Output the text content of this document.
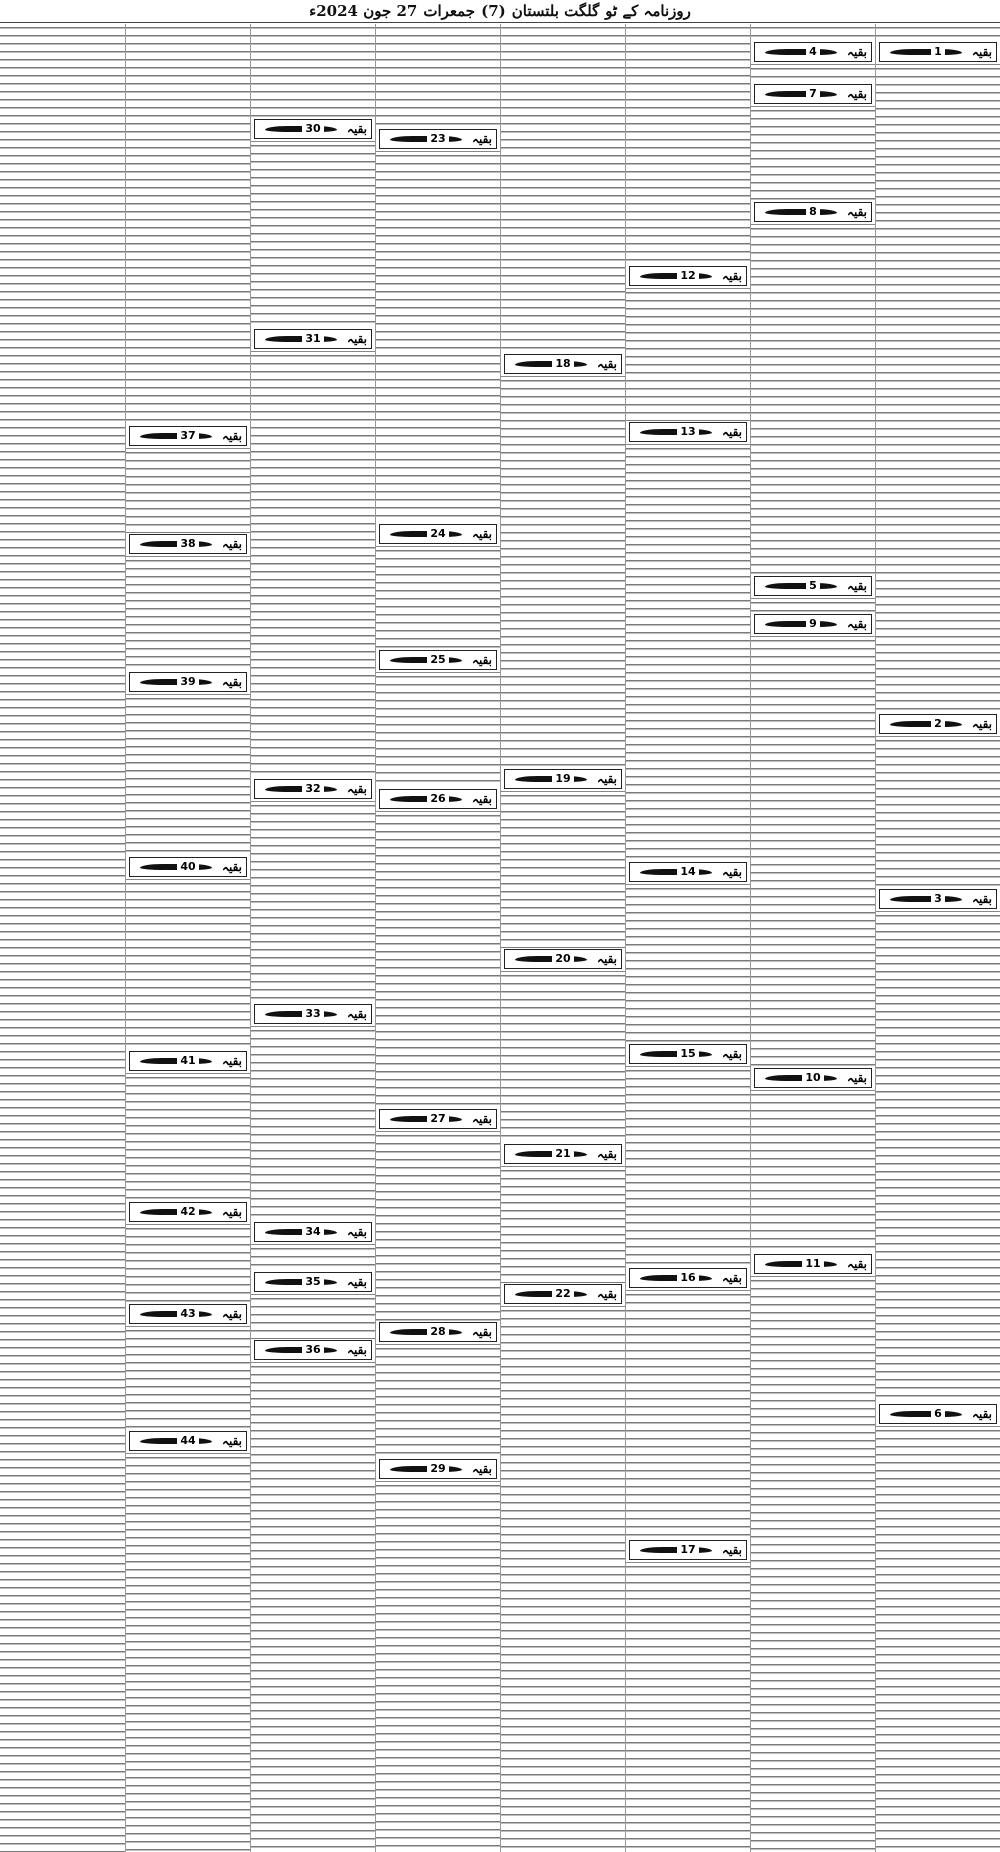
روزنامہ کے ٹو
گلگت بلتستان
(7)
جمعرات
27 جون 2024ء
بقیہ
1
بقیہ
2
بقیہ
3
بقیہ
6
بقیہ
4
بقیہ
7
بقیہ
8
بقیہ
5
بقیہ
9
بقیہ
10
بقیہ
11
بقیہ
12
بقیہ
13
بقیہ
14
بقیہ
15
بقیہ
16
بقیہ
17
بقیہ
18
بقیہ
19
بقیہ
20
بقیہ
21
بقیہ
22
بقیہ
23
بقیہ
24
بقیہ
25
بقیہ
26
بقیہ
27
بقیہ
28
بقیہ
29
بقیہ
30
بقیہ
31
بقیہ
32
بقیہ
33
بقیہ
34
بقیہ
35
بقیہ
36
بقیہ
37
بقیہ
38
بقیہ
39
بقیہ
40
بقیہ
41
بقیہ
42
بقیہ
43
بقیہ
44
